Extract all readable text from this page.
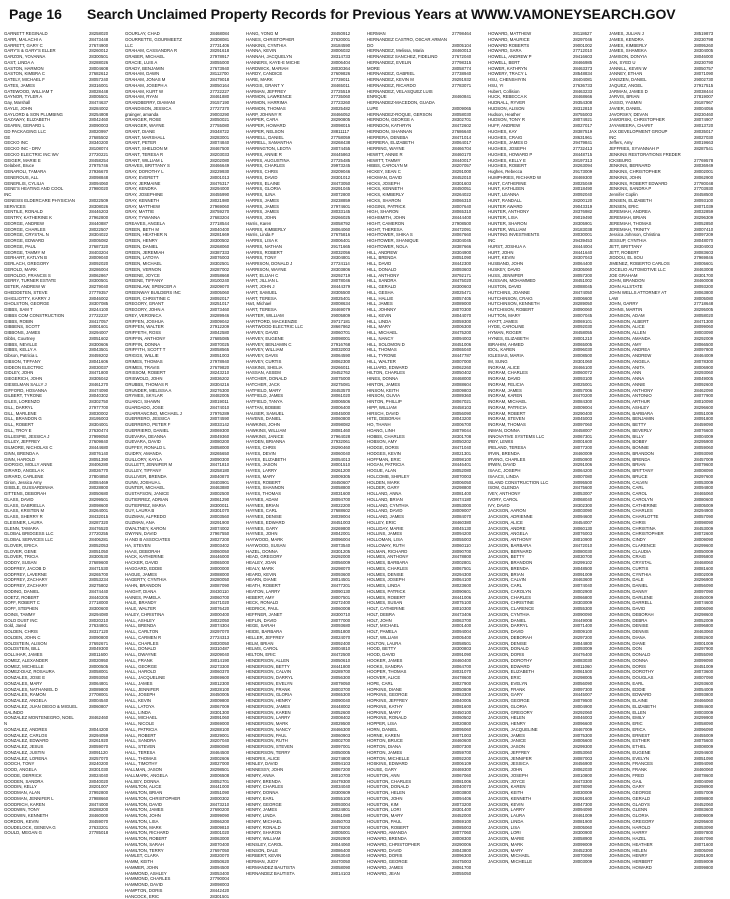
Page 16 Search Unclaimed Property Records for Previous Years at WWW.VAMONEYSEARCH.GOV
GARNETT REGINALD	28258020
GARR, MALACHI A	28473448
GARRETT, GARY C	27674900
GARY'S & GARY'S ELLER	28260012
GARZON, YOVANNA	28300501
GAST, LINDA A	28288026
GASTON, HARMON	28004608
GASTON, KIMBRA C	27682612
GATELY, MICHAEL F	28057240
GATES, JAMES	28316001
GATEWOOD, WILLIAM T	28028448
GAYNOR, TYLER A	28005501
Gay, Marshall	28474637
GAYLE, JOHN	28284002
GAYLORD & SON PLUMBING	28254808
GAZAWAY, ELIZABETH	28042460
GEARIN, GERARD L	28090003
GD PACKAGING LLC	28020997
GE	27685502
GECKO INC	28340200
GECKO INC - DRV	28108074
GECKO ELECTRIC INC WV	27720221
GEIGER, MARIE E	28458254
Gelabert, Bruce	27975746
GENAROLI, TAMARA	27936670
GENEROUS, ALL	28098848
GENERLIS, CYLILIA	28094060
GENE'S HEATING AND COOL	27980020
INC
GENESIS ELDERCARE PHYSICIAN	28022509
SERVICES	28308026
GENTILE, RONALD	28446203
GENTRY, KATHERINE K	27962800
GEORGE, ANDREW	28440887
GEORGE, CHARLES	28022507
GEORGE, CRYSTAL N	28304022
GEORGE, EDWARD	28005082
GEORGE, PAUL	27687320
GEORGE, TAMMY M	28403204
GERHART, KATLYN B	28009040
GERLACH, GREGORY	28092020
GEROLD, MARK	28286004
GEROLDO, FRANCIS S	28062867
GERRY, TURNER ESTATE	28300501
GETER, ANDREW W	28279040
GHEDDETEN, STEVE	27779357
GHIGLIOTTY, KARRY J	28046002
GHOLSTON, GEORGE	28307085
GIBBS, SAM T	28244100
GIBBS COM CONSTRUCTION	27722237
GIBBS, ROBIN	28417057
GIBBENS, SCOTT	28001601
GIBBONS, JAMES	28294007
Gibbs, Courtney	28051602
GIBBS, NEVILLE	28300606
GIBBS, KELLY A	28043501
Gibson, Patricia L	28459202
GIBSON, TIFFANY	28041606
GIDEON ELECTRIC	28030037
GIDLEY, JOHN	28471800
GIEGERICH, JOHN	28305042
GIESELMAN SALLY J	28461270
GIFFORD, HOSANNA	28474090
GILBERT, TYRONE	28040302
GILES, LORENZO	28302750
GILL, DARRYL	27977700
GILL, MARLENE	28030002
GILL, BRANDON G	28195003
GILL, ROBERT	28304001
GILL, TROY E	27630474
GILLESPIE, JESSICA J	27999050
GILLEY, JEFFREY	27609840
GILMORE, NICHOLAS C	28444680
GINN, BRENDA A	28076140
GINN, HAROLD	28051390
GIORGIO, MOLLY ANNE	28406280
GIRARD, ANGELA K	28026770
GIRARD, CARLENE	27804850
Girion, Jessica Amy	28084469
GISELE, GUSSARDINHA	28028800
GITTENS, DEBORAH	28050680
GLASS, DAVID	28299501
GLASS, GABRIELLA	28098600
GLASS, KRISTEN M	28264001
GLASS, SHERRY R	28432015
GLEISNER, LAURA	28287320
GLENN, TAMARA	28476520
GLOBAL BRIDGESS LLC	27720255
GLOBAL SERVICES LLC	28406281
GLOVER, ERICA	28052053
GLOVER, GENE	28051050
GLOVER, TRICIA	28300530
GODOY, SUSAN	27689600
GODFREY, JACOB D	28471530
GODFREY, LAVERNE	28265700
GODFREY, ZACHARY	28053234
GODFREY, ZACHARY	28275802
GODING, DANIEL	28474440
GOETZ, ROBERT	28440205
GOFF, ROBERT C	27718000
GOFF, STEPHEN	28300600
GOINS, TAMMY	28294080
GOLD DUST INC	28020210
Gold, Jared	27634801
GOLDEN, CHRIS	28317120
GOLDEN, JOHN C	28090800
GOLDSTEIN, ALISON	27692671
GOLDSTEIN, BILL	28049300
GOLLIHAR, JAMES	28011600
GOMEZ, ALEXANDER	28020950
GOMEZ, MICHELLE	28000505
GOMEZ-DIAZ, ROSAURA	28058001
GONZALES, JOSE E	28093050
GONZALES, MARY	28064801
GONZALES, NATHANIEL D	28089800
GONZALES, RAMON	27708001
GONZALEZ, ANGELA	28004540
GONZALEZ, JUAN DIEGO & MIGUEL	28060807
GALINDO
GONZALEZ MONTENEGRO, NOEL	28462460
N
GONZALEZ, ANDRES	28044200
GONZALEZ, CARLOS	28294059
GONZALEZ, EDWARD	28261920
GONZALEZ, JESUS	28059070
GONZALEZ, JUSTIN	28091120
GONZALEZ, LORENA	28257070
GOOCH, TONY	28240200
GOOD, ANGELA	28301030
GOODE, DERRICK	28024040
GOODEN, SANDRA	28040020
GOODIN, KELLY	28201007
GOODMAN, ALAN	27992800
GOODMAN, JENNIFER L	27988660
GOODRICH, KAREN	28474000
GOODWIN, TONY	28288200
GOODWIN, KENNETH	28460000
GORDON, KEVIN	28459070
GOUDELOCK, GENEVA G	27633201
GOULD, MEGAN G	27785018
GOURLAY, CHAD	28468084
GOURRETTE, GOURMEETZ	28308081
LLC	27731406
GRAHAM, CASSANDRA R	28291618
GRABER, MICHAEL	27978917
GRACIE, LUIS A	28055000
GRADY, BENJAMIN	27673940
GRAHAM, DAWN	28112700
GRAHAM, JONAS M	28479018
GRAHAM, JOSEPH A	28050164
GRAHAM, KURT W	27722227
GRAHAM, RYAN	28461880
GRANDBERRY, DIAMANI	29157190
GRANDISON, JESSICA	27727370
grainger, amanda	29003290
GRANGER, ROSE	28050021
GRANGER, WAYNE	27755080
GRANT, DIANE	29348722
GRANT, MARSHALL	28283001
GRANT, PETER	28074840
GRANT, SHELDON M	28467500
GRANT, TERESA R	28203033
GRANT, WILLIAM L	28202080
GRAVES, BRITTANY S	28466649
GRAY, DOROTHY L	28229930
GRAY, EVERETT	28001013
GRAY, JERMAINE	28476317
GRAY, KENDRA	28294000
GRAY, JOSEPHINE	28455990
GRAY, KENNETH	28021980
GRAY, MATTHEW	27969060
GRAY, MATTIE	28759270
GRAY, TYWANNA	27683204
GREAVES, ANGELA	27718544
GREEN, BETH M	28040400
GREEN, HEATHER N	28281669
GREEN, HENRY	28300502
GREEN, DANIEL	28268060
GREEN, JEREMIAH	28387333
GREEN, LATOYA	28076003
GREEN, MICHAEL	28302501
GREEN, VERNON	28287002
GREENE, JOYCE	28058668
GREENE, TIFFANY	28100240
GREENLAW, SPENCER A	28209070
GREENWAY BUILDERS INC	28005060
GREER, CHRISTINE C	28092017
GREGORY, GRANT	28251017
GREGORY, JOHN A	28073460
GREY, VERONICA	28289946
GRIFFEN, JOSHUA	28009042
GRIFFEN, WALTER	27912209
GRIFFETH, ROSS	28042580
GRIFFIN, ANTHONY	27685085
GRIFFIN, DONNA	28070025
GRIFFITH, SCOTT T	28058565
GRIGGS, WILLIE	28051003
GRIMES, THOMAS	27978940
GRIMES, TRAVIS	27679820
GRISSOM, ROBERT	28243210
GRISWOLD, JOHN	28036202
GRUBBS, THOMAS R	28304216
GRUNDER, MELISSA A	28276300
GRYMES, SKYLAR	28482005
GUANCI, SHAWN	28019011
GUARDADO, JOSE	28474010
GUARRANCINO, MICHAEL J	27976289
GUERRERO, JESSICA	28074590
GUERRERO, PETER F	28033142
GUERRIERO, DANIEL	28069300
GUEVARA, DEANNA	28049360
GUEVARA, DAVID	28080200
GUFFEY, RONALD L	28058000
GUIDRY, AMANDA	28265650
GUILLORY, KAYLA	28090300
GULLETT, JENNIFER M	28471810
GULLEY, TIFFANY	28258180
GULLIVER, BRENDA	28040870
GUNN, JOSHUA L	28403901
GUNTER, MICHAEL	28463880
GUSTAFSON, JANICE	28002500
GUTIERREZ, ADRIAN	28061290
GUTIERREZ, MARIA	28300011
GUY, LAURA B	28301070
GUZMAN, ALFREDO	28003560
GUZMAN, ANA	28291900
GWALTNEY, KARON	28074002
GWYNN, DAVID	27967550
H AND B ASSOCIATES	28027200
HA, STEVEN	28003402
HAAS, DEBORAH	28060050
HACK, KATHERINE	28446000
HACKER, DAVID	28065000
HAGGARD, EDDIE	28000000
HAGUE, JAMES	28088000
HAGERTY, CYNTHIA	28280050
HAHN, BRANDON	28087090
HAIGHT, DIANA	28430110
HAINES, PAMELA	28060700
HALE, BRANDY	28471020
HALE, WALTER	28076420
HALEY, CHRISTINA	28000400
HALL, ASHLEY	28022050
HALL, BRENDA	28074304
HALL, CARLTON	28297070
HALL, CARMEN R	27724313
HALL, CHARLES	28020050
HALL, DONALD	28310487
HALL, DWAYNE	28209040
HALL, FRANK	28014190
HALL, GEORGE	28273300
HALL, HAROLD	28060370
HALL, JACQUELINE	28069600
HALL, JAMES	28012300
HALL, JENNIFER	28028100
HALL, JOSEPH	28450005
HALL, KEVIN	28009800
HALL, LATOYA	28067009
HALL, LINDA	28301300
HALL, MICHAEL	28091060
HALL, NICOLE	28069000
HALL, PATRICIA	28288100
HALL, ROBERT	28029001
HALL, SANDRA	28207040
HALL, STEVEN	28080080
HALL, TERESA	28464500
HALL, THOMAS	28002606
HALL, TIMOTHY	28027000
HALLMAN, JASON	28298501
HALLMARK, ANGELA	28006508
HALSEY, DONNA	28052701
HAMILTON, ALICE	28441000
HAMILTON, BRIAN	28051090
HAMILTON, CHRISTOPHER	28000302
HAMILTON, DAVID	28473210
HAMILTON, JAMES	27690200
HAMILTON, JOHN	28099090
HAMILTON, LISA	28066200
HAMILTON, MARK	28009810
HAMILTON, RICHARD	28001020
HAMILTON, ROBERT	28063000
HAMILTON, SARAH	28070400
HAMILTON, TERRY	27697050
HAMLET, CLARA	28020070
HAMM, KEITH	28050620
HAMMER, JOHN	28094500
HAMMOND, ASHLEY	28053400
HAMMOND, CHARLES	27790004
HAMMOND, DAVID	28098003
HAMPTON, DORIS	28442420
HANCOCK, ERIC	28301501
HANG, YONG M	28450912
HANES, CHRISTOPHER	27620001
HANKINS, CYNTHIA	28184590
HANNA, KEVIN	28006032
HANNAH, JACQUELYN	28314733
HANNERS, KAYE-E MICHE	28006404
HARDWICK, MARIAH	28030364
HARDY, CANDICE	27609826
HARE, MARK	27739011
HARGIS, GRANT Y	28465011
HARMAN, JEFFREY	27725519
HARMON, LAWRENCE	27735060
HARMON, HARRIMA	27723260
HARMON, THOMAS	28025482
HARP, JOHNNY R	28466052
HARPER, CARA	28290805
HARPER, HOWARD	28098015
HARPER, NELSON	28811117
HARRELL, DANIEL	27758059
HARRELL, SAMANTHA	28268438
HARRINGTON, LEOTA	28074455
HARRIS, ANNIE R	28445863
HARRIS, AUGUSTINA	27725485
HARRIS, CHARLES	29973245
HARRIS, CHRIS	28209046
HARRIS, DAVID	28301012
HARRIS, ELAINE	28473050
HARRIS, GLORIA	28291045
HARRIS, ILINA	28072800
HARRIS, JAMES	28238859
HARRIS, JAMES	27974601
HARRIS, JAMES	28033145
HARRIS, JOHN	28266025
Harris, Karen	28058792
HARRIS, KIMBERLY	28064060
Harris, Linda F	27675816
HARRIS, LISA K	28006401
HARRIS, NATHAN	29171665
HARRIS, ROBERT	28032056
HARRIS, TONY	28304801
HARRISON, DONALD J	27724114
HARRISON, WAYNE	28303806
HART, ELIJAH C	28292719
HART, JILLIAN L	28078046
HART, JOHN J	28444379
HART, SAMUEL	28305500
HART, TERESA	28025401
Hart, Michael	28008634
HART, TERESA	28469079
HARTER, WILLIAM	29005809
HARTFORD, MACKENZIE	29717181
HARTWOOD ELECTRIC LLC	28667862
HARVEY, DAVID	28060701
HARVEY, EUGENE	28098001
HARVEY, BENJAMIN C	27916768
HARVEY, WILLIAM	28032003
HARVEY, DAVIS	28064590
HARVEY, CURTIS	28062300
HASKINS, SHELIA	28266011
HASSAN, ASSEM	29452762
HATCHER, DONALD	28075000
HATCHER, JACK	28275081
HATFIELD, MARY	28453570
HATFIELD, JAMES	28061020
HATFIELD, TANYA	28006506
HATTAN, BOBBIE	28006400
HAUSER, SAMUEL	28045000
HAVENS, DANIEL	28060800
HAWKINS, JOHN	28098082
HAWKINS, WILLIAM	28081460
HAWKINS, JANICE	27964028
HAYDEN, BRIANNA	27932061
HAYES, CHRIS	28290460
HAYES, DEVIN	28060040
HAYES, ELIZABETH	28054013
HAYES, JASON	28001510
HAYES, LARRY	28261200
HAYES, MARY	28009305
HAYES, ROBERT	28450607
HAYES, SHANNON	28058800
HAYES, THOMAS	28031600
HAYNES, ADAM	28094700
HAYNES, BRIAN	28022200
HAYNES, CARL	27688602
HAYNES, DENISE	28039004
HAYNES, EDWARD	28451003
HAYNES, GARY	28269800
HAYNES, JOHN	28042001
HAYWOOD, MARK	28096004
HAYWOOD, SUSAN	28073540
HAZEL, DONNA	28301205
HEAD, GREGORY	28292000
HEALEY, JOAN	28056009
HEALY, MARK	28298070
HEARD, KEVIN	28093600
HEARN, DIANE	28014501
HEATH, ROBERT	28477201
HEATON, LARRY	28090130
HEBERT, AMY	28007501
HECK, RONALD	28272400
HEDRICK, PAUL	28060008
HEFFNER, JANET	28300710
HEFLIN, DAVID	28077000
HEGE, SARAH	28093680
HEIDE, BARBARA	28051800
HELLER, JEFFREY	28024070
HELM, BRIAN	28092400
HELMS, CAROL	28004810
HELTON, ERIC	28472500
HENDERSON, ALLEN	28050610
HENDERSON, BETTY	28441800
HENDERSON, CALVIN	28289700
HENDERSON, DARRYL	28056300
HENDERSON, EVELYN	28079050
HENDERSON, FRANK	28003700
HENDERSON, GLORIA	28065300
HENDERSON, HENRY	28090040
HENDERSON, JAMES	28448002
HENDERSON, KAREN	28052600
HENDERSON, LARRY	28008402
HENDERSON, MARK	28029500
HENDERSON, NANCY	28466300
HENDERSON, PAUL	28060903
HENDERSON, RUTH	28002700
HENDERSON, STEVEN	28097001
HENDERSON, TERRY	28050005
HENDRIX, ALICE	28274800
HENLEY, DAVID	28094103
HENNESSY, JOHN	28067200
HENRY, ANNA	28010700
HENRY, BRENDA	28479300
HENRY, CHARLES	28034040
HENRY, DONNA	28300609
HENRY, EARL	28055100
HENRY, GEORGE	28093004
HENRY, JAMES	28024801
HENRY, LINDA	28061080
HENRY, MICHAEL	28450703
HENRY, RONALD	28078200
HENRY, SHARON	28005001
HENRY, WILLIAM	28292900
HENSLEY, CAROL	28044060
HENSON, DALE	28086400
HERBERT, KEVIN	28063040
HERMAN, JUDY	28470050
HERMANDEZ BAUTISTA	28058090
HERNANDEZ BAUTISTA	28014103
HERMAN	27798464
HERNANDEZ CASTRO, OSCAR ARMAN
DO	28005104
HERNANDEZ, Melissa, Maria	28460013
HERNANDEZ SANCHEZ, FIDELIND	27672040
HERNANDEZ, EVELIN	27798315
MORE	28058774
HERNANDEZ, GABRIEL	27738940
HERNANDEZ, KEVIN M	29291932
HERNANDEZ, RICARDO	27783071
HERNANDEZ, VELASQUEZ LUIS
ENRIQUE	28460841
HERNANDEZ-MACEDON, GUADA
LUPE	28009065
HERNANDEZ-ROQUE, GERSON	28058030
HERNDON, GEORGE A	28302701
HERNDON, KATHRYN	28472602
HERNDON, SHANNAN	27686640
HERRERA, DENEBA	28471014
HERRERA, ELIZABETH	28064017
HERRING, WAYNE	28466704
HEWITT, ANNIE R	28460170
HEWITT, TAMMY	28440017
HIBBS, CAROLYN M	28207057
HICKEY, SEAN C	28291000
HICKMAN, DAVID	28452010
HICKS, JOSEPH	28301603
HICKS, KENNETH	28450051
HICKS, KIMBERLY	28264022
HICKS, SHARON	28066310
HIGGINS, PATRICK	28007640
HIGH, SHARON	28065310
HIGHSMITH, JOHN	28444400
HIGHT, CAMERON	27908500
HIGHT, THERESA	28472091
HIGHTOWER, SHIKA S	28067660
HIGHTOWER, SHANIQUE	28304045
HIGHTOWER, NOLA	28387666
HILL, ANDREW	28304900
HILL, BRENDA	28051090
HILL, DAVID	28442300
HILL, DONALD	28093603
HILL, ANTHONY	28792171
HILL, SANDRA	28475020
HILL, GERALD	28300603
HILL, GESHA	28025471
HILL, HALLIE	28057405
HILL, JAMES	28089000
HILL, JOHNNY	28070300
HILL, KEVIN	28044070
HILL, LINDA	28059300
HILL, MARY	28006300
HILL, MICHAEL	28475200
HILL, NANCY	28094003
HILL, SOLOMON D	28451006
HILL, THOMAS	28065040
HILL, TYRONE	28447787
HILL, WALTER	28007000
HILLIARD, EDWARD	28062260
HILTON, CHARLES	28050402
HINES, DONNA	28468000
HINTON, JAMES	28088604
HINSON, KEITH	28009803
HINSON, OLIVIA	28089360
HINTON, PHILLIP	28067021
HIPP, WILLIAM	28458103
HIRSCH, DAVID	28056090
HITE, DEBORAH	28043200
HO, THANH	28006700
HOANG, LINH	28079044
HOBBS, CHARLES	28301708
HOBSON, AMY	28050202
HODGE, DORIS	28471040
HODGES, KEVIN	28021301
HOFFMAN, ERIC	28098100
HOGAN, PATRICIA	28446401
HOGUE, ALAN	28052080
HOLCOMB, SHIRLEY	28070003
HOLDEN, MARK	28006050
HOLDER, GARY	28298800
HOLLAND, ANNA	28081400
HOLLAND, BRIAN	28474180
HOLLAND, CYNTHIA	28053000
HOLLAND, DAVID	28009007
HOLLAND, JAMES	28084070
HOLLEY, ERIC	28460380
HOLLIDAY, MARIE	28045130
HOLLINS, JAMES	28094200
HOLLOMAN, LISA	28055003
HOLLOWAY, RUTH	28060110
HOLMAN, RICHARD	28090700
HOLMES, ANTHONY	28478800
HOLMES, BARBARA	28002801
HOLMES, CHARLES	28067501
HOLMES, DENISE	28294300
HOLMES, JOSEPH	28064100
HOLMES, LINDA	28023600
HOLMES, PATRICK	28090601
HOLMES, ROBERT	28441006
HOLMES, SUSAN	28075100
HOLT, CATHERINE	28010300
HOLT, DEBRA	28473406
HOLT, JOHN	28063700
HOLT, MICHAEL	28001400
HOLT, PAMELA	28094004
HOLT, WILLIAM	28005400
HOLTON, LAURA	28058501
HOOD, BETTY	28300803
HOOD, DAVID	28091090
HOOKER, JAMES	28460400
HOOKS, SANDRA	28064700
HOOPER, THOMAS	28031070
HOOVER, ALICE	28478600
HOPE, CARL	28027900
HOPKINS, DIANE	28050809
HOPKINS, GEORGE	28063300
HOPKINS, JEFFREY	28040005
HOPKINS, KATHY	28081600
HOPKINS, MARY	28450100
HOPKINS, RONALD	28060502
HOPPER, LISA	28020800
HORN, DANIEL	28095060
HORNE, KAREN	28071003
HORTON, BRUCE	28460600
HORTON, DIANA	28007300
HORTON, JAMES	28059700
HORTON, MICHELLE	28092200
HOSKINS, EDWARD	28006109
HOUSE, GARY	28469300
HOUSTON, ANN	28067060
HOUSTON, CHARLES	28081006
HOUSTON, DONALD	28040070
HOUSTON, HELEN	28003800
HOUSTON, JOHN	28094406
HOUSTON, KIM	28073200
HOUSTON, LORI	28301400
HOUSTON, MARY	28452000
HOUSTON, PAUL	28069100
HOUSTON, ROBERT	28085003
HOWARD, AMANDA	28077060
HOWARD, BRENDA	28008300
HOWARD, CHRISTOPHER	28290006
HOWARD, DAVID	28043800
HOWARD, DORIS	28096300
HOWARD, GEORGE	28475003
HOWARD, JAMES	28061700
HOWARD, JEAN	28055050
HOWARD, MATTHEW	28118627
HOWARD, MAURICE	28297046
HOWARD ROBERTS	29001002
HOWARD, SARA	27712010
HOWELL, ANDREW P	29416603
HOWELL, BERT	28466985
HOWER, KATHRYN	28463373
HOWERY, TRACY L	28548834
HSU, CHENSHIYIN	28404081
HSU, YI	27636733
Hubert, Collision	28463233
HUCK, REBECCA K	28468666
HUDNALL, RYVER	29354308
HUDSON, ALISON	28312810
Hudson, Heather	28755003
HUDSON, TONY R	28074921
HUFF, ANDREW	28027017
HUGHES, KAY	28387519
HUGHES, CRAIG	28631961
HUGHES, JAMES D	29479841
HUGHES, JOSEPH	27732413
HUGHES, HOWARD P	28448715
HUGHES, KELLY E	28197313
HUGHES, ROBERT	28263094
Hughes, Rebecca	29173009
HUMPHRIES, RICHARD W	28469300
HUNT, CATHERINE	28025049
HUNT, KATHLEEN	28018490
HUNT, LEANNA	28092040
HUNT, RANDALL	28200120
HUNTER AWARD	29043319
HUNTER, ANTHONY	28376982
HUNTER, LISA	29019490
HUNTER, SHARON	28305901
HUNTER, WILLIAM	28183038
HUNTING INVESTMENTS	28030001
INC	29439453
HURST, JOSHUA A	28444004
HURT, JOHN	28441640
HURT, KEVIN	28307043
HUSBAND, JOHN	28064400
HUSKEY, DAVID	28305060
HUSS, JENNIFER	28057200
HUSSAIN, MOHAMMED	28451002
HUSTON, DAVID	28088045
HUTCHINS, JOANNE	28474050
HUTCHINSON, CRAIG	28006600
HUTCHINSON, KENNETH	28289050
HUTCHISON, ROBERT	28090060
HUTTON, MARY	28007045
HYATT, JAMES	28069101
HYDE, CAROLINE	28092030
HYMAN, ROGER	28458055
HYNES, ELIZABETH	28001210
IBRAHIM, AHMED	28065005
IDOL, KAREN	28096030
IGLESIAS, MARIA	28008500
IM, SUNG	28301060
INGRAM, ALICE	28466100
INGRAM, CHARLES	28060072
INGRAM, DAVID	28093100
INGRAM, FELICIA	28025001
INGRAM, JAMES	28057006
INGRAM, KAREN	28470200
INGRAM, MICHAEL	28084300
INGRAM, PATRICIA	28009004
INGRAM, ROBERT	28290400
INGRAM, STEVEN	28045003
INGRAM, THOMAS	28097060
INMAN, DONNA	28458007
INNOVATIVE SYSTEMS LLC	28067301
IRBY, LEWIS	28001600
IRELAND, TERESA	28077200
IRVIN, BRENDA	28460009
IRVING, CHARLES	28050900
IRWIN, DAVID	28291006
ISAAC, JOSEPH	28064200
ISAACS, LINDA	28007080
ISLAND CONSTRUCTION LLC	28095500
ISOM, GLENDA	28475600
IVEY, ANTHONY	28053007
IVORY, CAROL	28068040
IVY, DAVID	28302300
JACKSON, AARON	28003090
JACKSON, ADRIENNE	28094600
JACKSON, ALICE	28454007
JACKSON, ANDRE	28060130
JACKSON, ANGELA	28076003
JACKSON, ANTHONY	28010900
JACKSON, BARBARA	28472010
JACKSON, BERNARD	28080030
JACKSON, BETTY	28030700
JACKSON, BRANDON	28299102
JACKSON, BRENDA	28048500
JACKSON, BRIAN	28091009
JACKSON, CALVIN	28463600
JACKSON, CARL	28074040
JACKSON, CAROLYN	28002900
JACKSON, CHARLES	28066800
JACKSON, CHRISTINE	28303009
JACKSON, CLARENCE	28055300
JACKSON, CYNTHIA	28090090
JACKSON, DANIEL	28449008
JACKSON, DARRYL	28071400
JACKSON, DAVID	28009100
JACKSON, DEBORAH	28297200
JACKSON, DENISE	28044800
JACKSON, DONALD	28093009
JACKSON, DORIS	28476400
JACKSON, DOROTHY	28083030
JACKSON, EDWARD	28011060
JACKSON, ELIZABETH	28061500
JACKSON, ERIC	28298005
JACKSON, EVELYN	28056090
JACKSON, FRANK	28097300
JACKSON, GARY	28445007
JACKSON, GEORGE	28079500
JACKSON, GLORIA	28004900
JACKSON, GREGORY	28292060
JACKSON, HELEN	28046003
JACKSON, HENRY	28096600
JACKSON, JACQUELINE	28467009
JACKSON, JAMES	28075300
JACKSON, JANICE	28005600
JACKSON, JASON	28299300
JACKSON, JEFFREY	28053060
JACKSON, JENNIFER	28087003
JACKSON, JESSICA	28456900
JACKSON, JOHN	28062030
JACKSON, JOSEPH	28010800
JACKSON, JOYCE	28473300
JACKSON, KAREN	28078090
JACKSON, KEITH	28030009
JACKSON, KENNETH	28291600
JACKSON, KEVIN	28047300
JACKSON, LARRY	28094090
JACKSON, LAURA	28461009
JACKSON, LINDA	28081900
JACKSON, LISA	28005060
JACKSON, LORI	28300900
JACKSON, MARIE	28058900
JACKSON, MARK	28099009
JACKSON, MARY	28452300
JACKSON, MICHAEL	28070090
JACKSON, MICHELLE	28003009
JAMES, JULIAN J	28519873
JAMES, KENDRA	28230798
JAMES, KIMBERLY	28095260
JAMES, SHAMEKA	28304005
JAMISON, DONYIA	28046000
JAN, SYED U	28230790
JANNILL, KEVIN W	28050757
JANNEY, ETHAN	28071090
JANSZEN, DANIEL	29002730
JAQUEZ, ANGEL	27917515
JARMAN, JAMES D	28038444
JARVIS, BRIAN	27819007
JASSO, YASMIN	29187967
JAVIER, DANIEL	28004056
JAVORSKY, DEVAN	28230460
JAWORSKI, CHRISTOPHER	28074907
JAYAWEERA, CHARIT	28013720
JAX DEVELOPMENT GROUP	28035017
INC	28027030
Jeffers, Amy	28019663
JEFFRIES, SYVANNAH P	28287541
JENKINS RESTORATIONS FREDER
ICKSBURG	27769578
JENKINS, BERNARD	28036949
JENKINS, CHRISTOPHER	28002001
JENKINS, JOHN	28062900
JENKINS, ROBERT EDWARD	27780048
JENKINS, SANDRA P	27703930
Jennifer Coplin	28458500
JENSEN, ELIZABETH	28093100
JENSEN, ERIC	28071039
JEREMIAH, ANDREA	28032859
JEREMIAH, BRIAN	28296309
JEREMIAH, THOMAS	28052850
JEREMIAH, TRINITY	28007410
Jessica Johnson, Christina	28097209
JESSUP, CYNTHIA	28048070
JETT, BRITTANY	28304003
JETT, ROBERT	28083603
JIDDOU, EL SOU	27969846
JIMENEZ, ROBERTO CARLOS	28005601
JOCELIO AUTOMOTIVE LLC	28463008
JOE GRAHAM	28301700
JOHN, BRANDON	28460008
JOHN ALLSTATE	28093200
JOHN WELLS ATTORNEY AT	28063800
LAW	28005080
JOHN, GARRY	27718648
JOHNS, MARTIN	28295005
JOHNSON, ADAM	28058020
JOHNSON, ALBERT	28471300
JOHNSON, ALICE	28099060
JOHNSON, ALLEN	28003090
JOHNSON, AMANDA	28292009
JOHNSON, AMY	28066500
JOHNSON, ANDREA	28097800
JOHNSON, ANDREW	28464009
JOHNSON, ANGELA	28078300
JOHNSON, ANITA	28006900
JOHNSON, ANN	28293060
JOHNSON, ANNA	28049005
JOHNSON, ANNIE	28092600
JOHNSON, ANTHONY	28462090
JOHNSON, ANTONIO	28077900
JOHNSON, ARTHUR	28010090
JOHNSON, ASHLEY	28296600
JOHNSON, BARBARA	28051009
JOHNSON, BENJAMIN	28091800
JOHNSON, BETTY	28459090
JOHNSON, BEVERLY	28076600
JOHNSON, BILLY	28004009
JOHNSON, BOBBY	28295900
JOHNSON, BONNIE	28059060
JOHNSON, BRANDON	28093090
JOHNSON, BRENDA	28457009
JOHNSON, BRIAN	28079600
JOHNSON, BRITTANY	28008090
JOHNSON, BRUCE	28297600
JOHNSON, CALVIN	28053009
JOHNSON, CARL	28094800
JOHNSON, CAROL	28465060
JOHNSON, CAROLYN	28080600
JOHNSON, CATHERINE	28005009
JOHNSON, CHARLES	28294900
JOHNSON, CHARLOTTE	28057090
JOHNSON, CHRIS	28098090
JOHNSON, CHRISTINA	28453009
JOHNSON, CHRISTOPHER	28072600
JOHNSON, CINDY	28009090
JOHNSON, CLARENCE	28299600
JOHNSON, CLAUDIA	28050009
JOHNSON, CRAIG	28095800
JOHNSON, CRYSTAL	28468060
JOHNSON, CURTIS	28081600
JOHNSON, CYNTHIA	28002009
JOHNSON, DALE	28296900
JOHNSON, DANIEL	28056090
JOHNSON, DANNY	28097090
JOHNSON, DARLENE	28450009
JOHNSON, DARRELL	28074600
JOHNSON, DAVID	28006090
JOHNSON, DEBORAH	28298600
JOHNSON, DEBRA	28052009
JOHNSON, DENISE	28096800
JOHNSON, DENNIS	28463060
JOHNSON, DIANA	28082600
JOHNSON, DIANE	28001009
JOHNSON, DON	28297900
JOHNSON, DONALD	28055090
JOHNSON, DONNA	28099090
JOHNSON, DORIS	28451009
JOHNSON, DOROTHY	28073600
JOHNSON, DOUGLAS	28007090
JOHNSON, EARL	28293600
JOHNSON, EDDIE	28054009
JOHNSON, EDWARD	28093800
JOHNSON, ELAINE	28466060
JOHNSON, ELIZABETH	28084600
JOHNSON, ELLEN	28003009
JOHNSON, EMILY	28299900
JOHNSON, ERIC	28058090
JOHNSON, ERICA	28096090
JOHNSON, ERNEST	28455009
JOHNSON, ESTHER	28075600
JOHNSON, ETHEL	28008009
JOHNSON, EUGENE	28294600
JOHNSON, EVELYN	28051090
JOHNSON, FRANCES	28094090
JOHNSON, FRANK	28460060
JOHNSON, FRED	28078600
JOHNSON, GAIL	28004090
JOHNSON, GARY	28298900
JOHNSON, GEORGE	28057009
JOHNSON, GERALD	28098800
JOHNSON, GLADYS	28452060
JOHNSON, GLENN	28083600
JOHNSON, GLORIA	28009009
JOHNSON, GREGORY	28295600
JOHNSON, HAROLD	28053090
JOHNSON, HARRY	28097800
JOHNSON, HAZEL	28467090
JOHNSON, HEATHER	28071600
JOHNSON, HELEN	28005090
JOHNSON, HENRY	28291900
JOHNSON, HERBERT	28059009
JOHNSON, HOWARD	28099800
